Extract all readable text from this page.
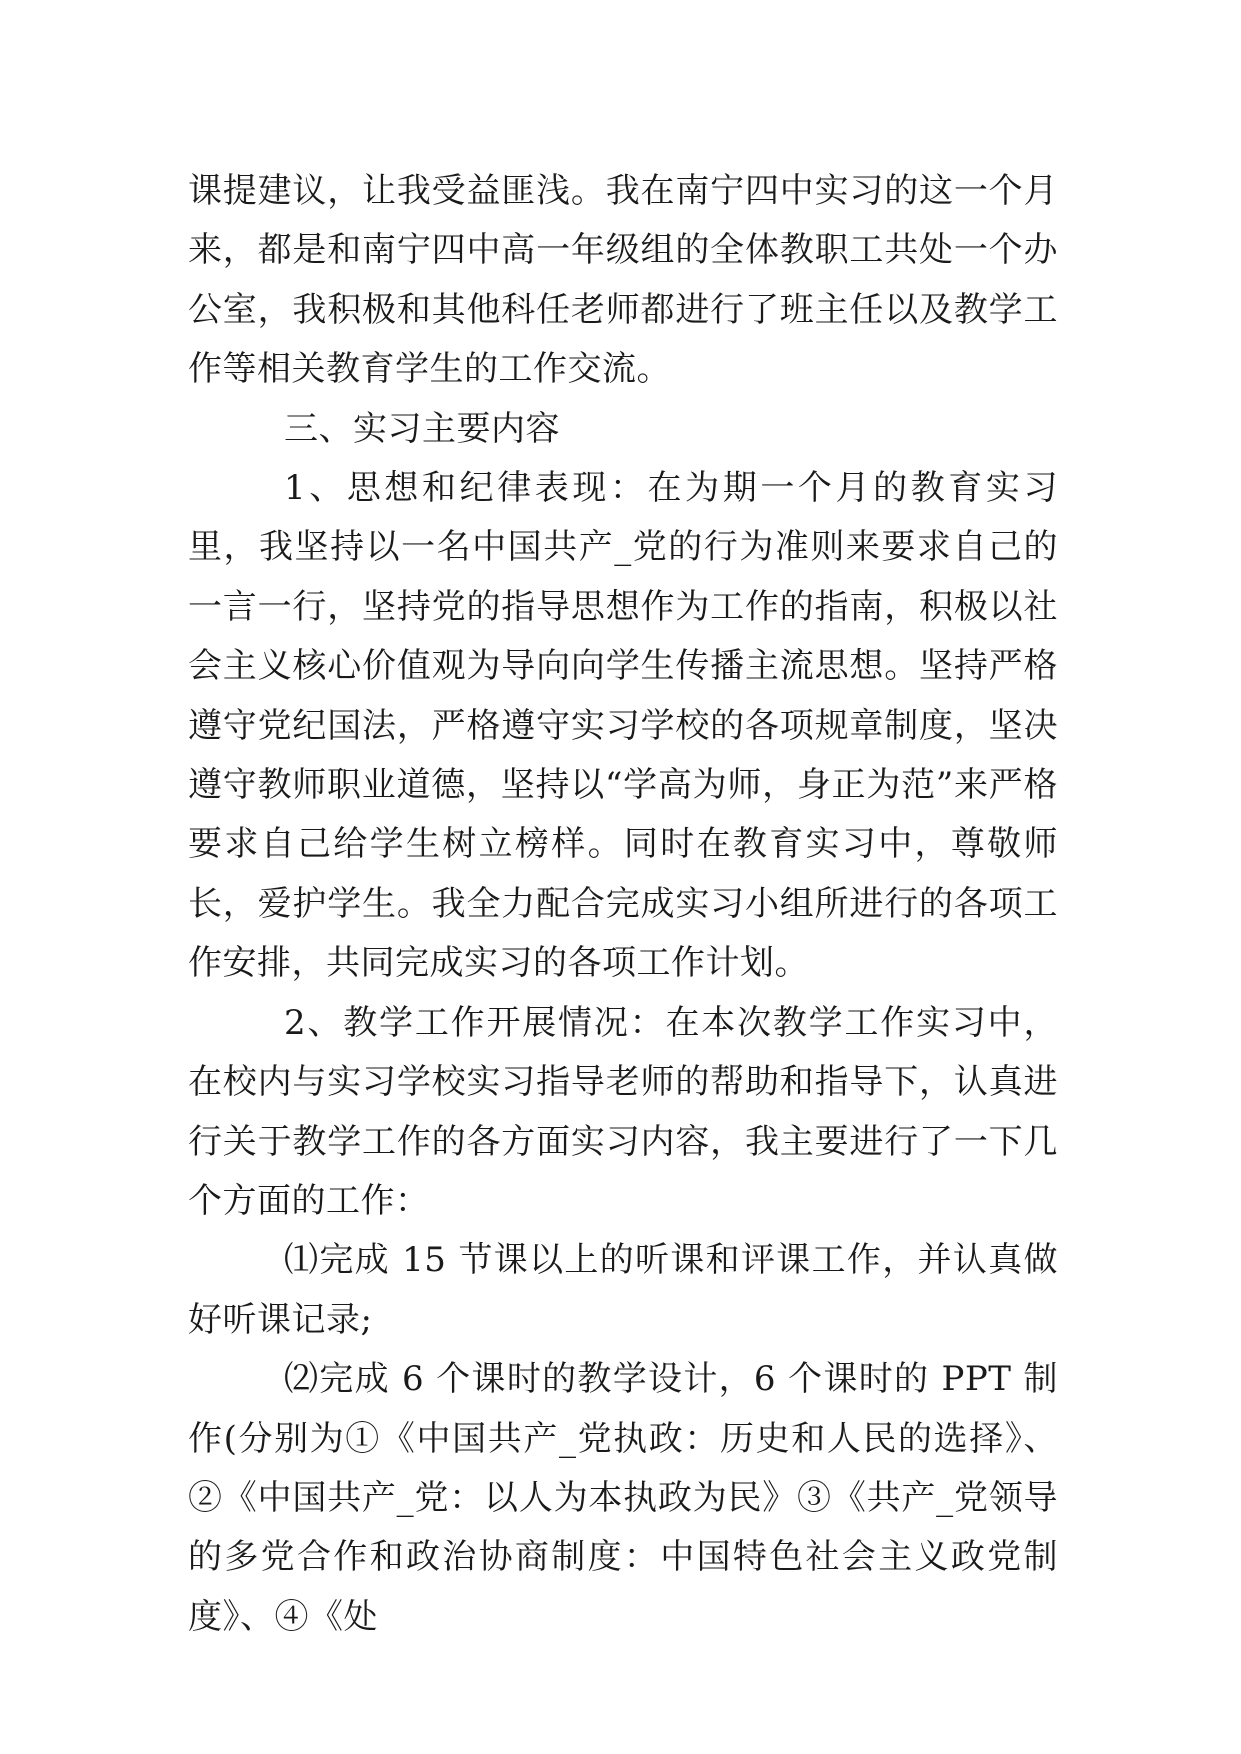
课提建议，让我受益匪浅。我在南宁四中实习的这一个月来，都是和南宁四中高一年级组的全体教职工共处一个办公室，我积极和其他科任老师都进行了班主任以及教学工作等相关教育学生的工作交流。

三、实习主要内容

1、思想和纪律表现：在为期一个月的教育实习里，我坚持以一名中国共产_党的行为准则来要求自己的一言一行，坚持党的指导思想作为工作的指南，积极以社会主义核心价值观为导向向学生传播主流思想。坚持严格遵守党纪国法，严格遵守实习学校的各项规章制度，坚决遵守教师职业道德，坚持以“学高为师，身正为范”来严格要求自己给学生树立榜样。同时在教育实习中，尊敬师长，爱护学生。我全力配合完成实习小组所进行的各项工作安排，共同完成实习的各项工作计划。

2、教学工作开展情况：在本次教学工作实习中，在校内与实习学校实习指导老师的帮助和指导下，认真进行关于教学工作的各方面实习内容，我主要进行了一下几个方面的工作：

⑴完成 15 节课以上的听课和评课工作，并认真做好听课记录;

⑵完成 6 个课时的教学设计，6 个课时的 PPT 制作(分别为①《中国共产_党执政：历史和人民的选择》、②《中国共产_党：以人为本执政为民》③《共产_党领导的多党合作和政治协商制度：中国特色社会主义政党制度》、④《处
